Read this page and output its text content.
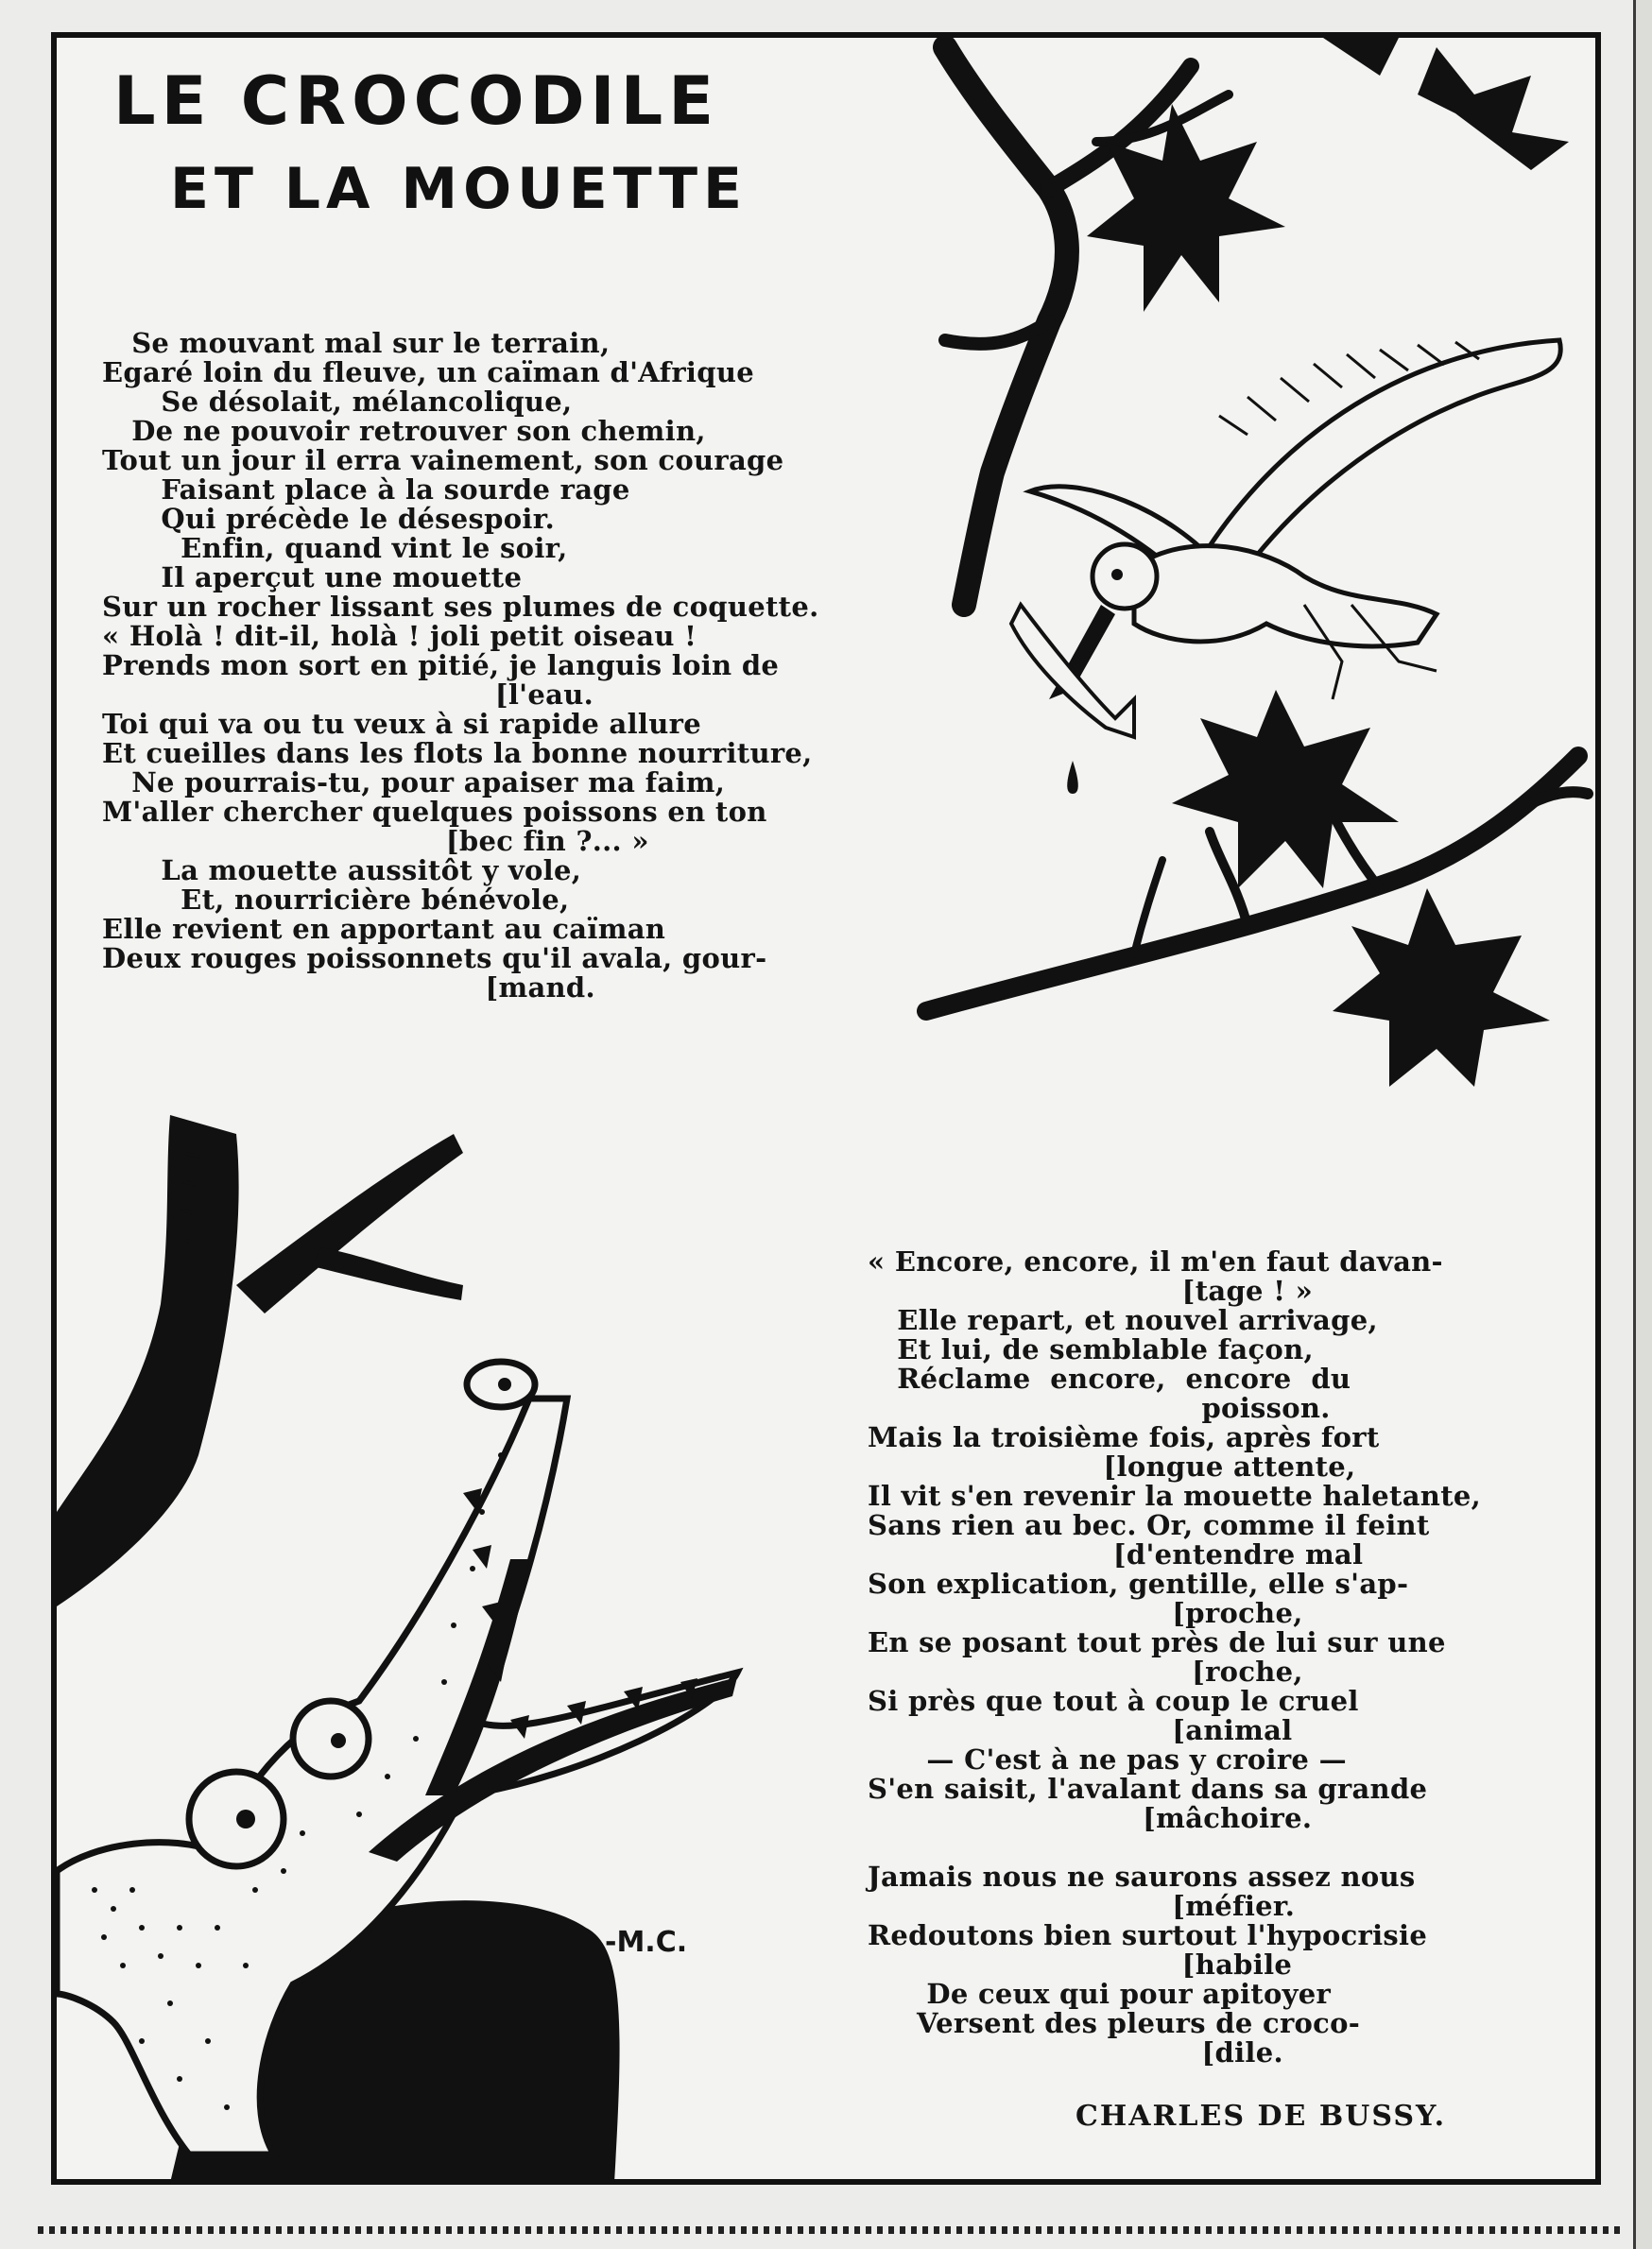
LE CROCODILE
ET LA MOUETTE
Se mouvant mal sur le terrain,
Egaré loin du fleuve, un caïman d'Afrique
Se désolait, mélancolique,
De ne pouvoir retrouver son chemin,
Tout un jour il erra vainement, son courage
Faisant place à la sourde rage
Qui précède le désespoir.
Enfin, quand vint le soir,
Il aperçut une mouette
Sur un rocher lissant ses plumes de coquette.
« Holà ! dit-il, holà ! joli petit oiseau !
Prends mon sort en pitié, je languis loin de
[l'eau.
Toi qui va ou tu veux à si rapide allure
Et cueilles dans les flots la bonne nourriture,
Ne pourrais-tu, pour apaiser ma faim,
M'aller chercher quelques poissons en ton
[bec fin ?... »
La mouette aussitôt y vole,
Et, nourricière bénévole,
Elle revient en apportant au caïman
Deux rouges poissonnets qu'il avala, gour-
[mand.
« Encore, encore, il m'en faut davan-
[tage ! »
Elle repart, et nouvel arrivage,
Et lui, de semblable façon,
Réclame  encore,  encore  du
poisson.
Mais la troisième fois, après fort
[longue attente,
Il vit s'en revenir la mouette haletante,
Sans rien au bec. Or, comme il feint
[d'entendre mal
Son explication, gentille, elle s'ap-
[proche,
En se posant tout près de lui sur une
[roche,
Si près que tout à coup le cruel
[animal
— C'est à ne pas y croire —
S'en saisit, l'avalant dans sa grande
[mâchoire.

Jamais nous ne saurons assez nous
[méfier.
Redoutons bien surtout l'hypocrisie
[habile
De ceux qui pour apitoyer
Versent des pleurs de croco-
[dile.
-M.C.
CHARLES DE BUSSY.
